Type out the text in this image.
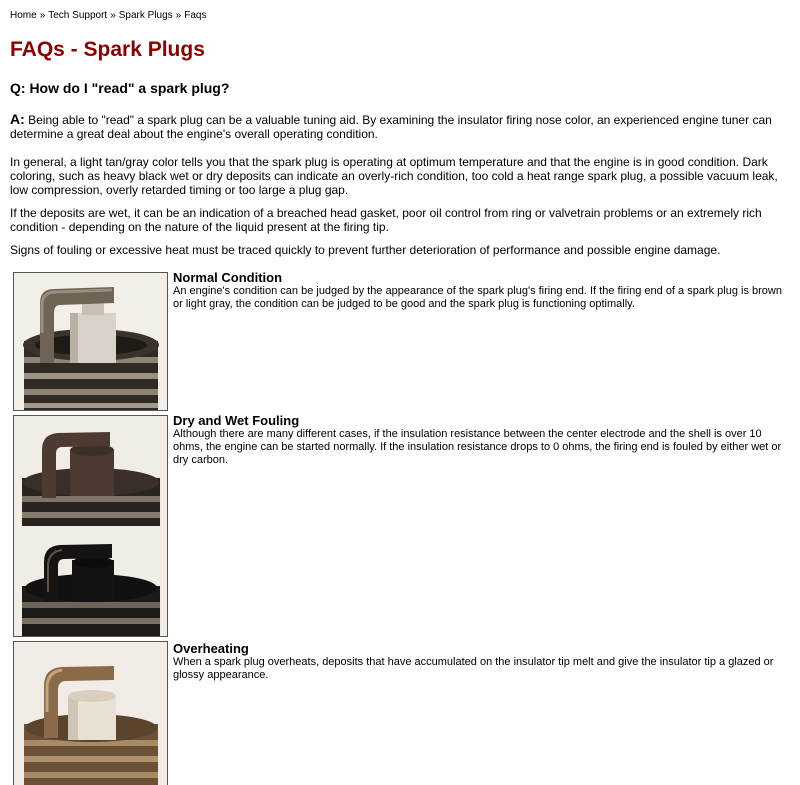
Home » Tech Support » Spark Plugs » Faqs
FAQs - Spark Plugs
Q: How do I "read" a spark plug?

A: Being able to "read" a spark plug can be a valuable tuning aid. By examining the insulator firing nose color, an experienced engine tuner can determine a great deal about the engine's overall operating condition.

In general, a light tan/gray color tells you that the spark plug is operating at optimum temperature and that the engine is in good condition. Dark coloring, such as heavy black wet or dry deposits can indicate an overly-rich condition, too cold a heat range spark plug, a possible vacuum leak, low compression, overly retarded timing or too large a plug gap.

If the deposits are wet, it can be an indication of a breached head gasket, poor oil control from ring or valvetrain problems or an extremely rich condition - depending on the nature of the liquid present at the firing tip.

Signs of fouling or excessive heat must be traced quickly to prevent further deterioration of performance and possible engine damage.

Normal Condition

An engine's condition can be judged by the appearance of the spark plug's firing end. If the firing end of a spark plug is brown or light gray, the condition can be judged to be good and the spark plug is functioning optimally.

Dry and Wet Fouling

Although there are many different cases, if the insulation resistance between the center electrode and the shell is over 10 ohms, the engine can be started normally. If the insulation resistance drops to 0 ohms, the firing end is fouled by either wet or dry carbon.

Overheating

When a spark plug overheats, deposits that have accumulated on the insulator tip melt and give the insulator tip a glazed or glossy appearance.
